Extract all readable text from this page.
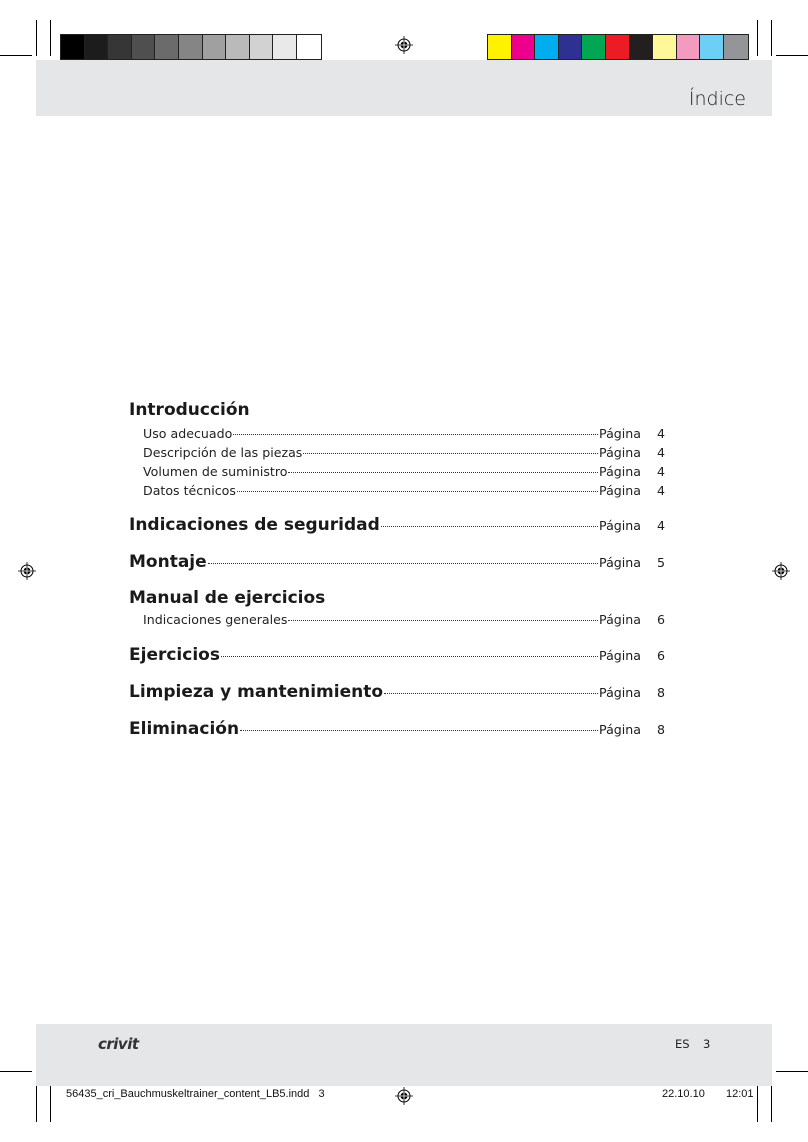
Índice
Introducción
Uso adecuado	Página	4
Descripción de las piezas	Página	4
Volumen de suministro	Página	4
Datos técnicos	Página	4
Indicaciones de seguridad	Página	4
Montaje	Página	5
Manual de ejercicios
Indicaciones generales	Página	6
Ejercicios	Página	6
Limpieza y mantenimiento	Página	8
Eliminación	Página	8
crivit	ES 3
56435_cri_Bauchmuskeltrainer_content_LB5.indd   3	22.10.10   12:01
